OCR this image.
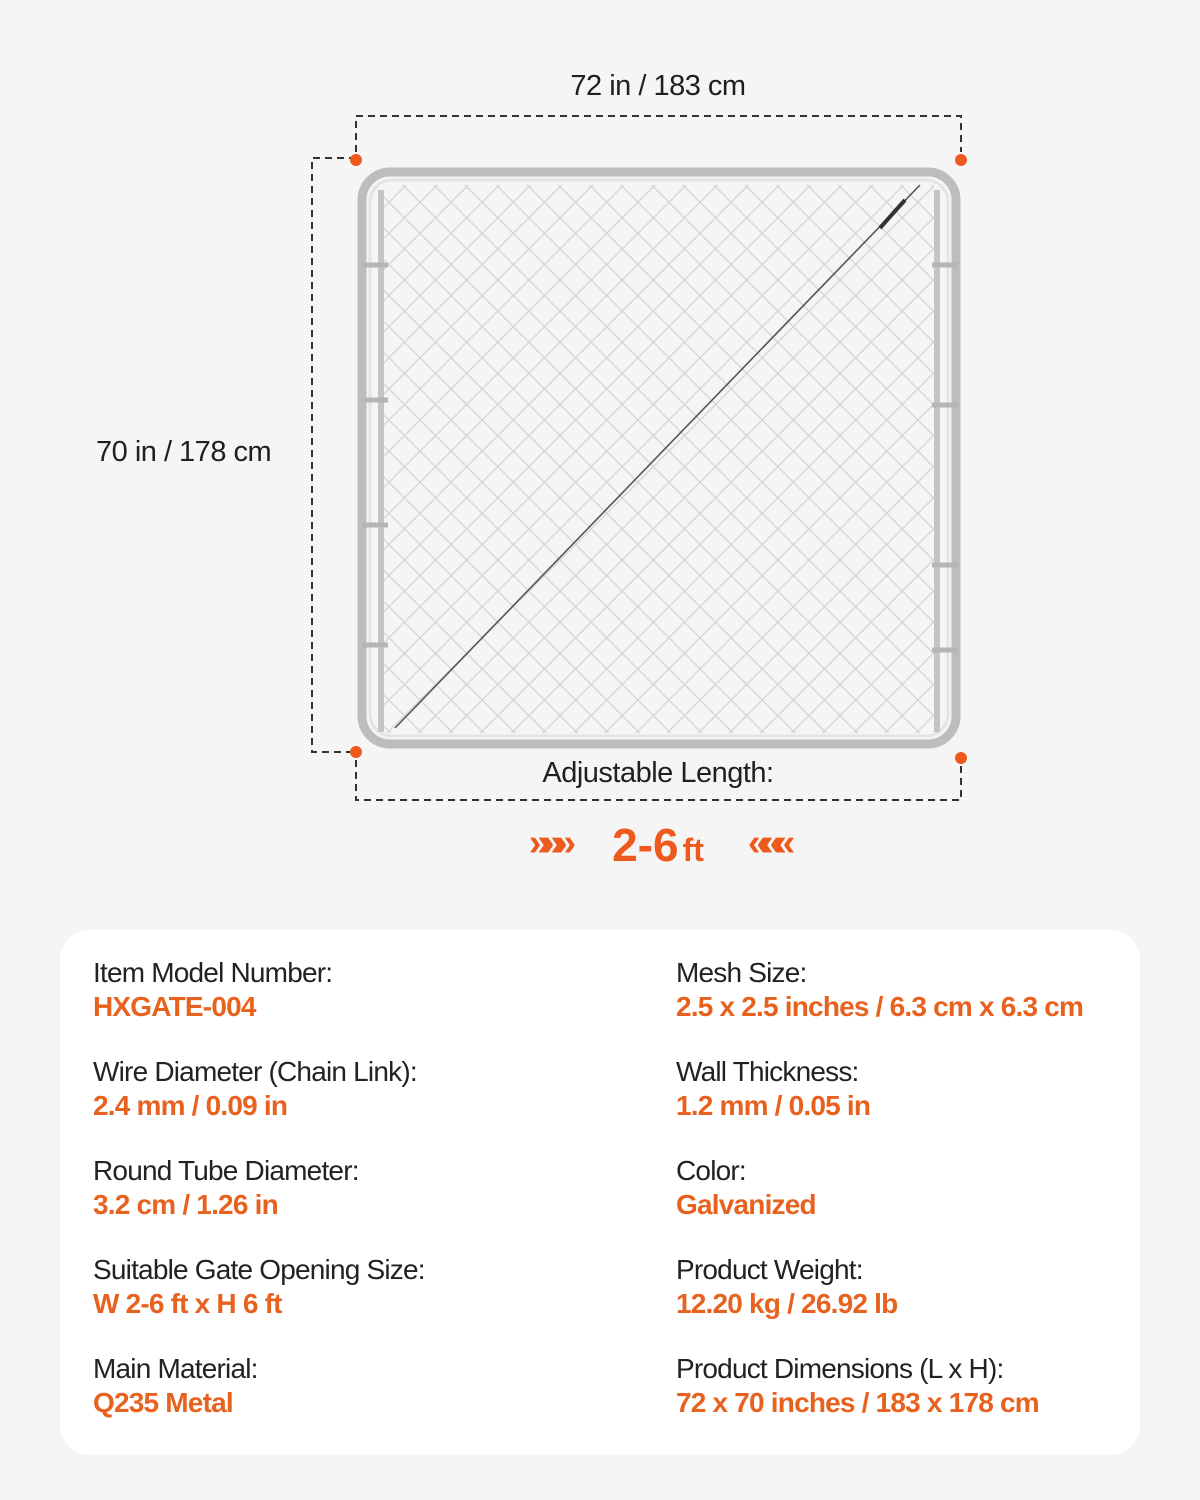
72 in / 183 cm
70 in / 178 cm
Adjustable Length:
»»» 2-6 ft «««
Item Model Number:
HXGATE-004
Wire Diameter (Chain Link):
2.4 mm / 0.09 in
Round Tube Diameter:
3.2 cm / 1.26 in
Suitable Gate Opening Size:
W 2-6 ft x H 6 ft
Main Material:
Q235 Metal
Mesh Size:
2.5 x 2.5 inches / 6.3 cm x 6.3 cm
Wall Thickness:
1.2 mm / 0.05 in
Color:
Galvanized
Product Weight:
12.20 kg / 26.92 lb
Product Dimensions (L x H):
72 x 70 inches / 183 x 178 cm
